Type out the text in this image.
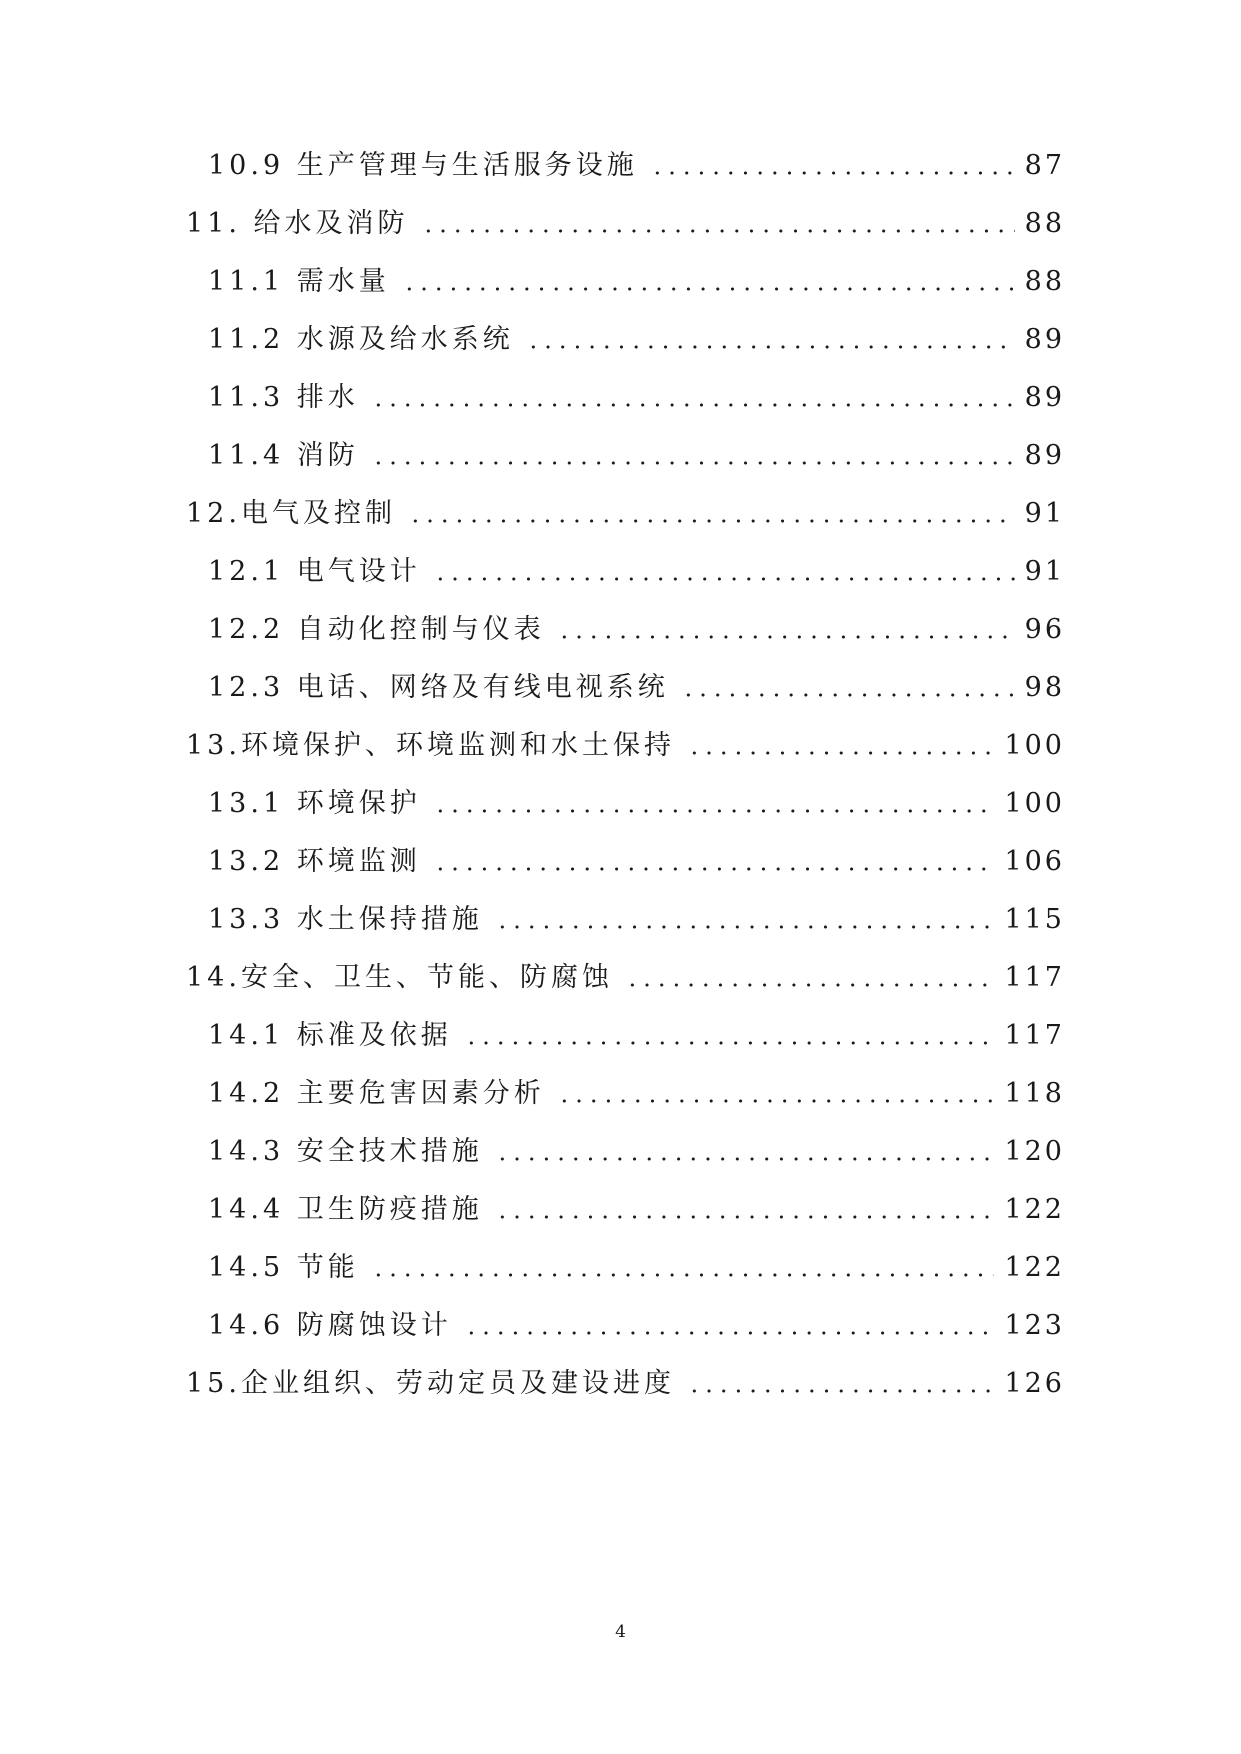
10.9 生产管理与生活服务设施	87
11. 给水及消防	88
11.1 需水量	88
11.2 水源及给水系统	89
11.3 排水	89
11.4 消防	89
12.电气及控制	91
12.1 电气设计	91
12.2 自动化控制与仪表	96
12.3 电话、网络及有线电视系统	98
13.环境保护、环境监测和水土保持	100
13.1 环境保护	100
13.2 环境监测	106
13.3 水土保持措施	115
14.安全、卫生、节能、防腐蚀	117
14.1 标准及依据	117
14.2 主要危害因素分析	118
14.3 安全技术措施	120
14.4 卫生防疫措施	122
14.5 节能	122
14.6 防腐蚀设计	123
15.企业组织、劳动定员及建设进度	126
4
